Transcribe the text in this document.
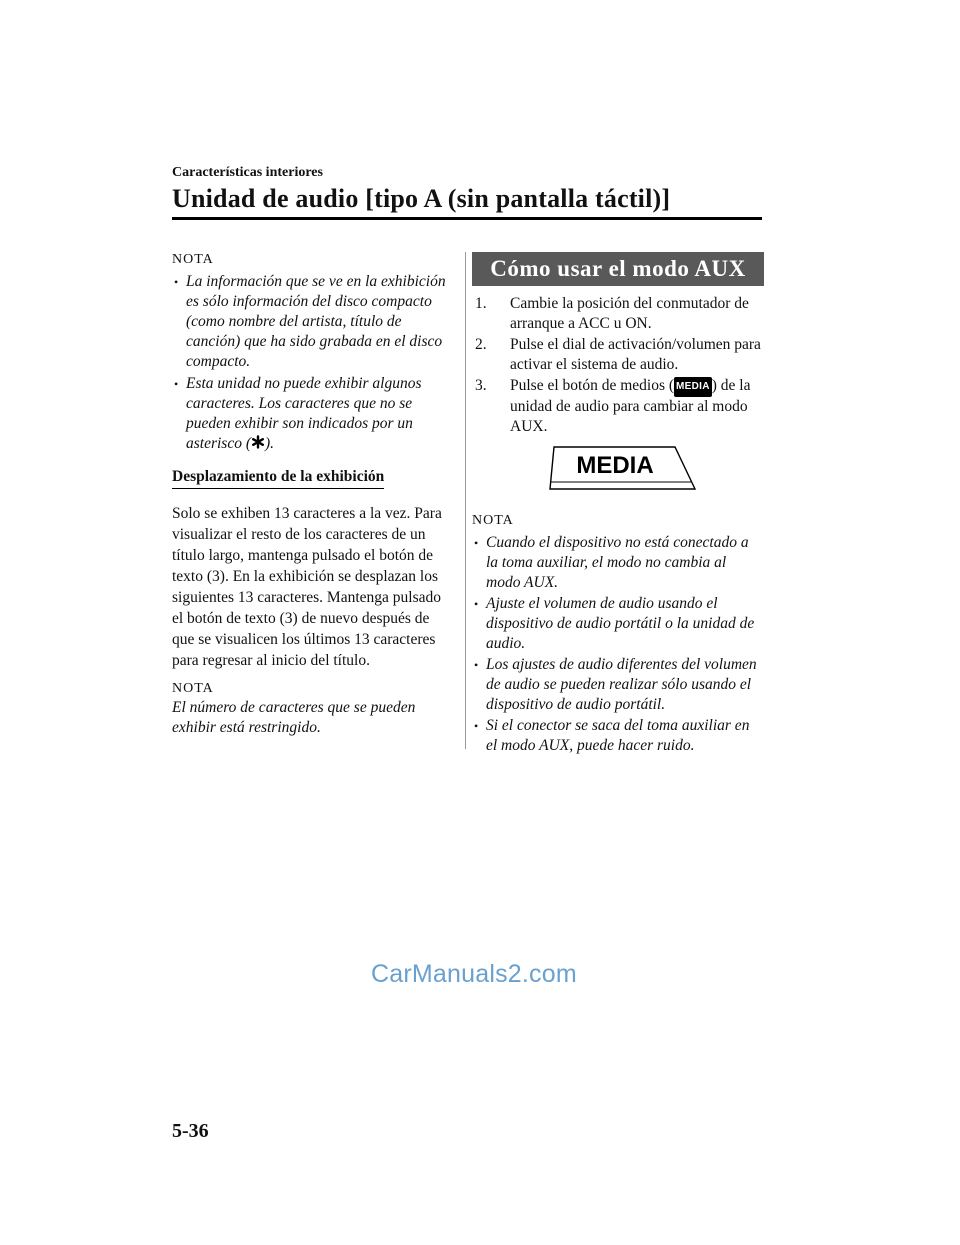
Características interiores
Unidad de audio [tipo A (sin pantalla táctil)]

NOTA

• La información que se ve en la exhibición es sólo información del disco compacto (como nombre del artista, título de canción) que ha sido grabada en el disco compacto.
• Esta unidad no puede exhibir algunos caracteres. Los caracteres que no se pueden exhibir son indicados por un asterisco ( ).
Desplazamiento de la exhibición

Solo se exhiben 13 caracteres a la vez. Para visualizar el resto de los caracteres de un título largo, mantenga pulsado el botón de texto (3). En la exhibición se desplazan los siguientes 13 caracteres. Mantenga pulsado el botón de texto (3) de nuevo después de que se visualicen los últimos 13 caracteres para regresar al inicio del título.

NOTA

El número de caracteres que se pueden exhibir está restringido.

Cómo usar el modo AUX
1. Cambie la posición del conmutador de arranque a ACC u ON.
2. Pulse el dial de activación/volumen para activar el sistema de audio.
3. Pulse el botón de medios ( MEDIA ) de la unidad de audio para cambiar al modo AUX.
MEDIA

NOTA

• Cuando el dispositivo no está conectado a la toma auxiliar, el modo no cambia al modo AUX.
• Ajuste el volumen de audio usando el dispositivo de audio portátil o la unidad de audio.
• Los ajustes de audio diferentes del volumen de audio se pueden realizar sólo usando el dispositivo de audio portátil.
• Si el conector se saca del toma auxiliar en el modo AUX, puede hacer ruido.
CarManuals2.com
5-36
